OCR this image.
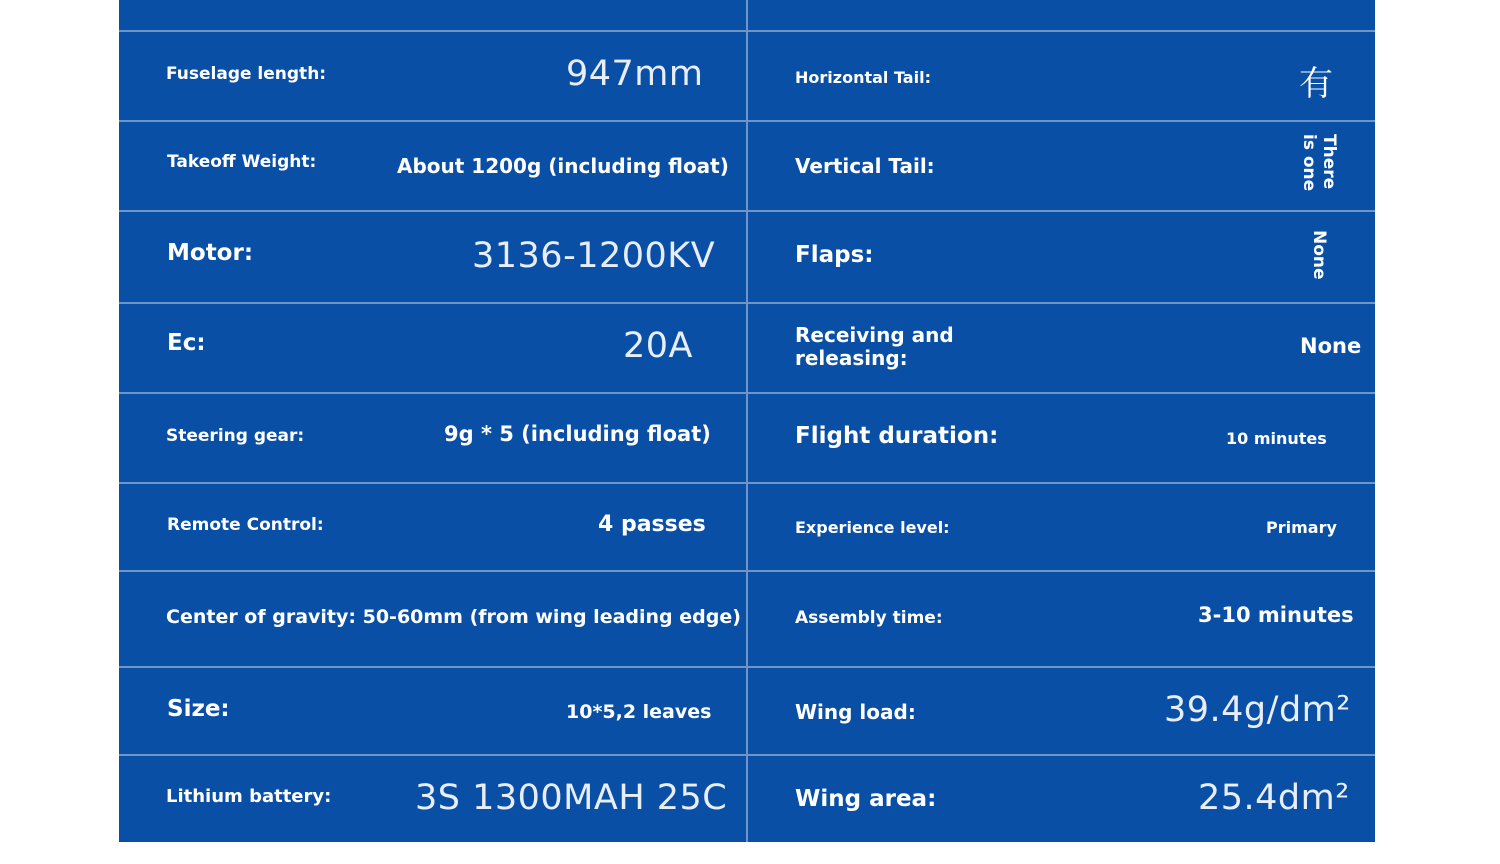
Fuselage length:	947mm	Horizontal Tail:	有
Takeoff Weight:	About 1200g (including float)	Vertical Tail:	There is one
Motor:	3136-1200KV	Flaps:	None
Ec:	20A	Receiving and releasing:	None
Steering gear:	9g * 5 (including float)	Flight duration:	10 minutes
Remote Control:	4 passes	Experience level:	Primary
Center of gravity: 50-60mm (from wing leading edge)	Assembly time:	3-10 minutes
Size:	10*5,2 leaves	Wing load:	39.4g/dm²
Lithium battery: 3S 1300MAH 25C	Wing area:	25.4dm²
